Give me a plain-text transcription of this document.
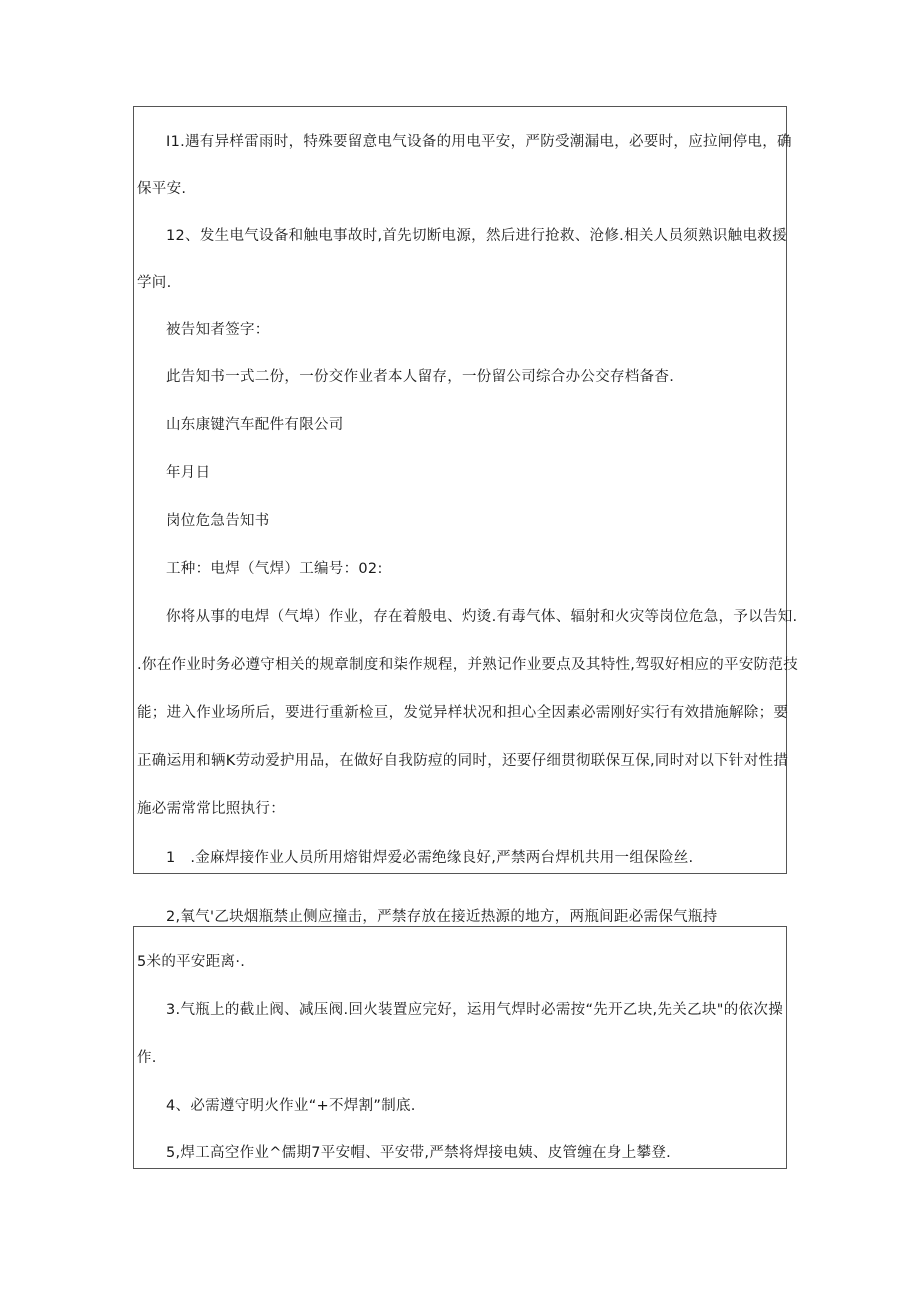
I1.遇有异样雷雨时，特殊要留意电气设备的用电平安，严防受潮漏电，必要时，应拉闸停电，确
保平安.
12、发生电气设备和触电事故时,首先切断电源，然后进行抢救、沧修.相关人员须熟识触电救援
学问.
被告知者签字：
此告知书一式二份，一份交作业者本人留存，一份留公司综合办公交存档备杳.
山东康键汽车配件有限公司
年月日
岗位危急告知书
工种：电焊（气焊）工编号：02:
你将从事的电焊（气埠）作业，存在着般电、灼烫.有毒气体、辐射和火灾等岗位危急，予以告知.
.你在作业时务必遵守相关的规章制度和柒作规程，并熟记作业要点及其特性,驾驭好相应的平安防范技
能；进入作业场所后，要进行重新检亘，发觉异样状况和担心全因素必需刚好实行有效措施解除；要
正确运用和辆K劳动爱护用品，在做好自我防痘的同时，还要仔细贯彻联保互保,同时对以下针对性措
施必需常常比照执行：
1　.金麻焊接作业人员所用熔钳焊爱必需绝缘良好,严禁两台焊机共用一组保险丝.
2,氧气'乙块烟瓶禁止侧应撞击，严禁存放在接近热源的地方，两瓶间距必需保气瓶持
5米的平安距离·.
3.气瓶上的截止阀、减压阀.回火装置应完好，运用气焊时必需按“先开乙块,先关乙块"的依次操
作.
4、必需遵守明火作业“+不焊割”制底.
5,焊工高空作业^儒期7平安帽、平安带,严禁将焊接电姨、皮管缠在身上攀登.
